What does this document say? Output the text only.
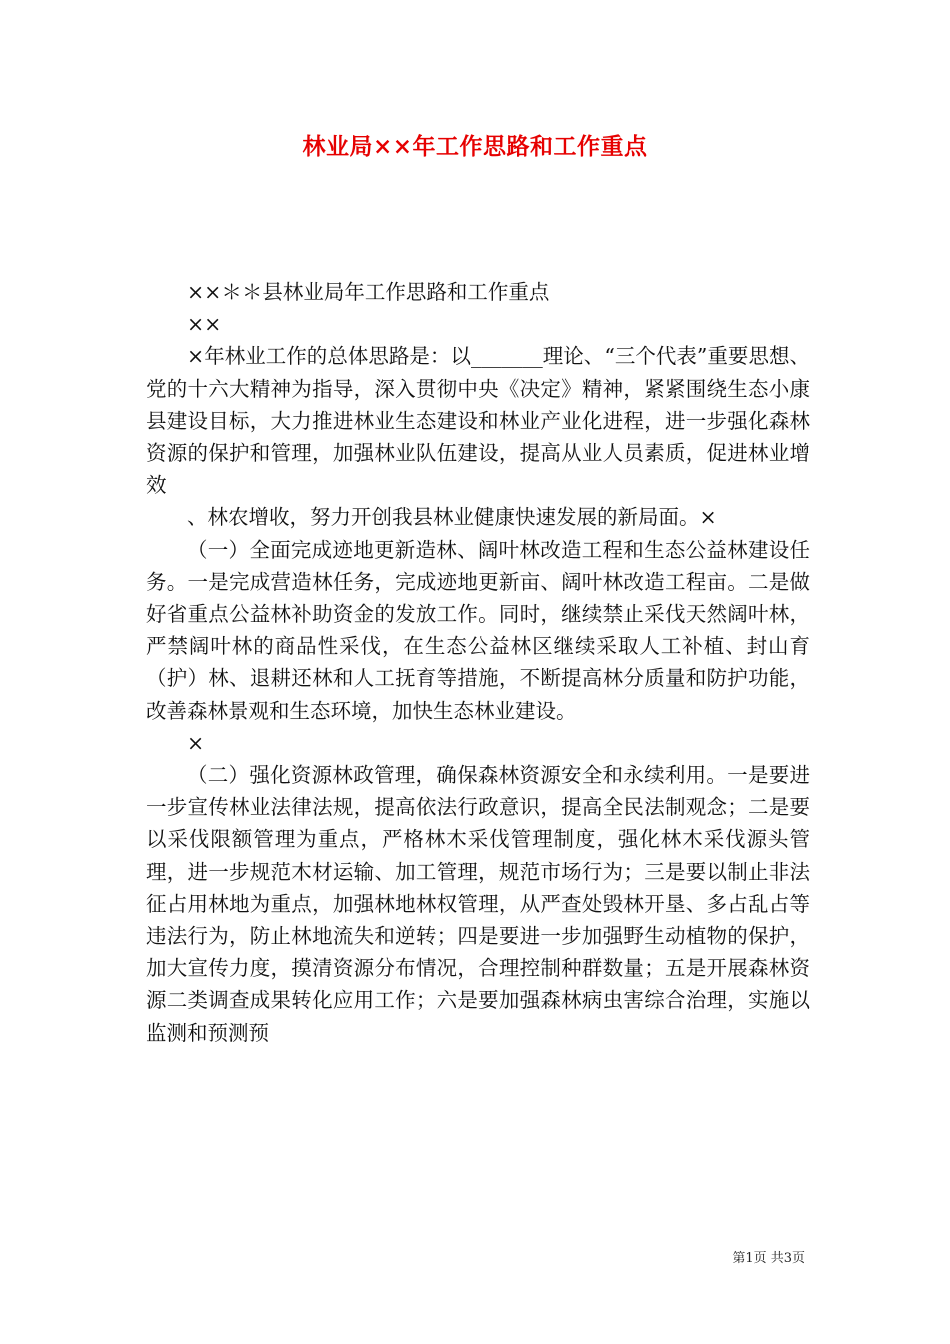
林业局××年工作思路和工作重点

××＊＊县林业局年工作思路和工作重点

××

×年林业工作的总体思路是：以_______理论、“三个代表”重要思想、党的十六大精神为指导，深入贯彻中央《决定》精神，紧紧围绕生态小康县建设目标，大力推进林业生态建设和林业产业化进程，进一步强化森林资源的保护和管理，加强林业队伍建设，提高从业人员素质，促进林业增效

、林农增收，努力开创我县林业健康快速发展的新局面。×

（一）全面完成迹地更新造林、阔叶林改造工程和生态公益林建设任务。一是完成营造林任务，完成迹地更新亩、阔叶林改造工程亩。二是做好省重点公益林补助资金的发放工作。同时，继续禁止采伐天然阔叶林，严禁阔叶林的商品性采伐，在生态公益林区继续采取人工补植、封山育（护）林、退耕还林和人工抚育等措施，不断提高林分质量和防护功能，改善森林景观和生态环境，加快生态林业建设。

×

（二）强化资源林政管理，确保森林资源安全和永续利用。一是要进一步宣传林业法律法规，提高依法行政意识，提高全民法制观念；二是要以采伐限额管理为重点，严格林木采伐管理制度，强化林木采伐源头管理，进一步规范木材运输、加工管理，规范市场行为；三是要以制止非法征占用林地为重点，加强林地林权管理，从严查处毁林开垦、多占乱占等违法行为，防止林地流失和逆转；四是要进一步加强野生动植物的保护，加大宣传力度，摸清资源分布情况，合理控制种群数量；五是开展森林资源二类调查成果转化应用工作；六是要加强森林病虫害综合治理，实施以监测和预测预

第1页 共3页
